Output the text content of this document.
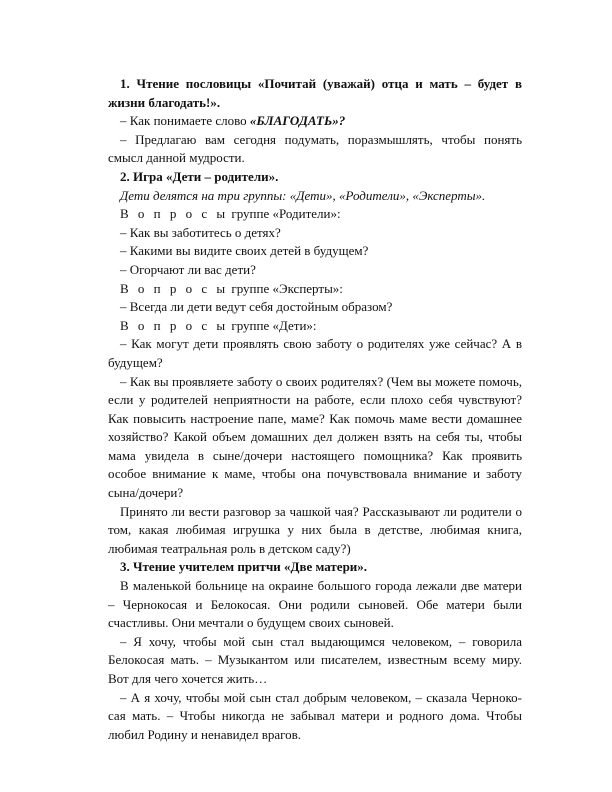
1. Чтение пословицы «Почитай (уважай) отца и мать – будет в жизни благодать!».

– Как понимаете слово «БЛАГОДАТЬ»?

– Предлагаю вам сегодня подумать, поразмышлять, чтобы понять смысл данной мудрости.

2. Игра «Дети – родители».

Дети делятся на три группы: «Дети», «Родители», «Эксперты».

В о п р о с ы группе «Родители»:

– Как вы заботитесь о детях?

– Какими вы видите своих детей в будущем?

– Огорчают ли вас дети?

В о п р о с ы группе «Эксперты»:

– Всегда ли дети ведут себя достойным образом?

В о п р о с ы группе «Дети»:

– Как могут дети проявлять свою заботу о родителях уже сейчас? А в будущем?

– Как вы проявляете заботу о своих родителях? (Чем вы можете помочь, если у родителей неприятности на работе, если плохо себя чувствуют? Как повысить настроение папе, маме? Как помочь маме вести домашнее хозяйство? Какой объем домашних дел должен взять на себя ты, чтобы мама увидела в сыне/дочери настоящего помощника? Как проявить особое внимание к маме, чтобы она почувствовала внимание и заботу сына/дочери?

Принято ли вести разговор за чашкой чая? Рассказывают ли родители о том, какая любимая игрушка у них была в детстве, любимая книга, любимая театральная роль в детском саду?)

3. Чтение учителем притчи «Две матери».

В маленькой больнице на окраине большого города лежали две матери – Чернокосая и Белокосая. Они родили сыновей. Обе матери были счастливы. Они мечтали о будущем своих сыновей.

– Я хочу, чтобы мой сын стал выдающимся человеком, – говорила Белокосая мать. – Музыкантом или писателем, известным всему миру. Вот для чего хочется жить…

– А я хочу, чтобы мой сын стал добрым человеком, – сказала Чернокосая мать. – Чтобы никогда не забывал матери и родного дома. Чтобы любил Родину и ненавидел врагов.
